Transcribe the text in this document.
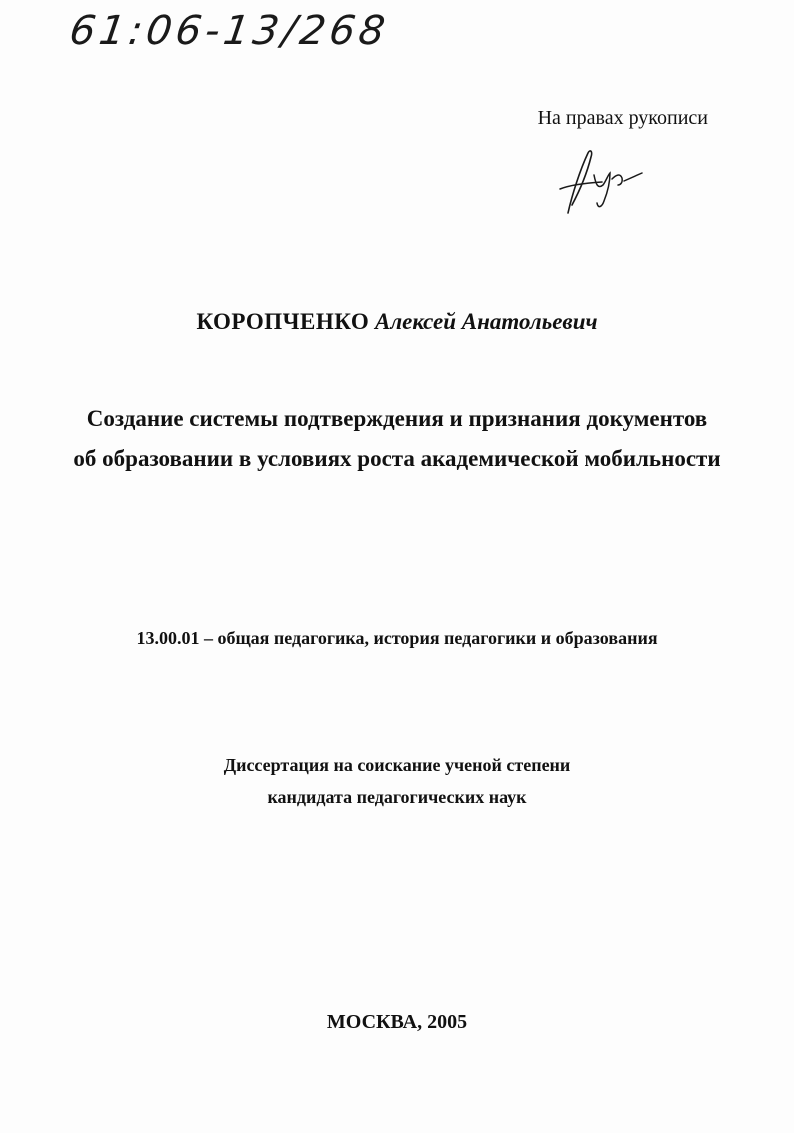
61:06-13/268
На правах рукописи
КОРОПЧЕНКО Алексей Анатольевич
Создание системы подтверждения и признания документов
об образовании в условиях роста академической мобильности
13.00.01 – общая педагогика, история педагогики и образования
Диссертация на соискание ученой степени
кандидата педагогических наук
МОСКВА, 2005
